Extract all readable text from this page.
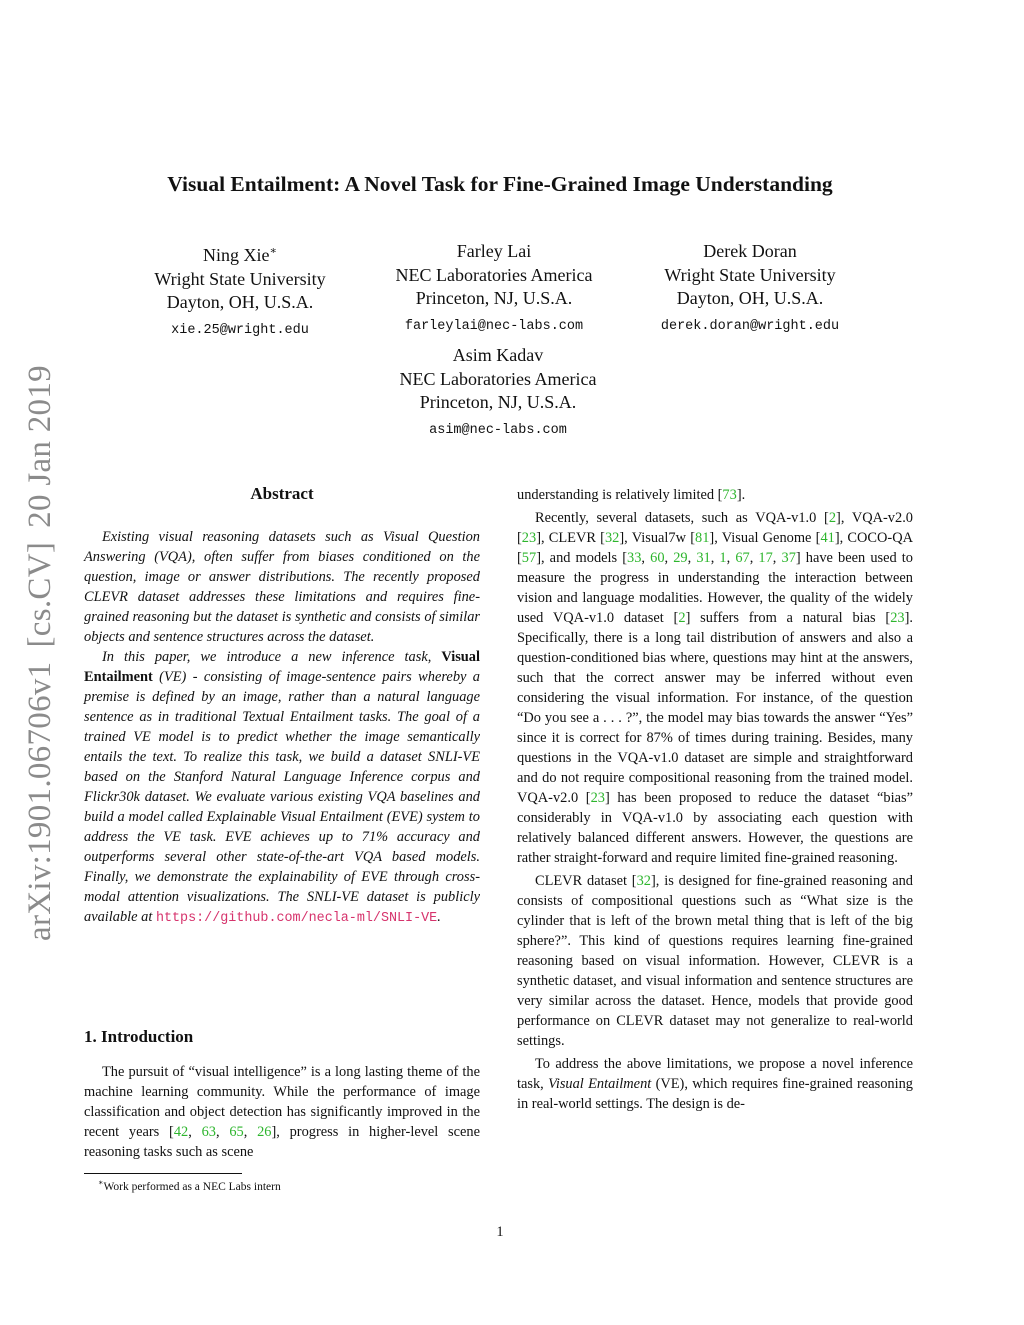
arXiv:1901.06706v1[cs.CV]20 Jan 2019
Visual Entailment: A Novel Task for Fine-Grained Image Understanding
Ning Xie∗
Wright State University
Dayton, OH, U.S.A.
xie.25@wright.edu
Farley Lai
NEC Laboratories America
Princeton, NJ, U.S.A.
farleylai@nec-labs.com
Derek Doran
Wright State University
Dayton, OH, U.S.A.
derek.doran@wright.edu
Asim Kadav
NEC Laboratories America
Princeton, NJ, U.S.A.
asim@nec-labs.com
Abstract

Existing visual reasoning datasets such as Visual Question Answering (VQA), often suffer from biases conditioned on the question, image or answer distributions. The recently proposed CLEVR dataset addresses these limitations and requires fine-grained reasoning but the dataset is synthetic and consists of similar objects and sentence structures across the dataset.

In this paper, we introduce a new inference task, Visual Entailment (VE) - consisting of image-sentence pairs whereby a premise is defined by an image, rather than a natural language sentence as in traditional Textual Entailment tasks. The goal of a trained VE model is to predict whether the image semantically entails the text. To realize this task, we build a dataset SNLI-VE based on the Stanford Natural Language Inference corpus and Flickr30k dataset. We evaluate various existing VQA baselines and build a model called Explainable Visual Entailment (EVE) system to address the VE task. EVE achieves up to 71% accuracy and outperforms several other state-of-the-art VQA based models. Finally, we demonstrate the explainability of EVE through cross-modal attention visualizations. The SNLI-VE dataset is publicly available at https://github.com/necla-ml/SNLI-VE.

1. Introduction

The pursuit of “visual intelligence” is a long lasting theme of the machine learning community. While the performance of image classification and object detection has significantly improved in the recent years [42, 63, 65, 26], progress in higher-level scene reasoning tasks such as scene

understanding is relatively limited [73].

Recently, several datasets, such as VQA-v1.0 [2], VQA-v2.0 [23], CLEVR [32], Visual7w [81], Visual Genome [41], COCO-QA [57], and models [33, 60, 29, 31, 1, 67, 17, 37] have been used to measure the progress in understanding the interaction between vision and language modalities. However, the quality of the widely used VQA-v1.0 dataset [2] suffers from a natural bias [23]. Specifically, there is a long tail distribution of answers and also a question-conditioned bias where, questions may hint at the answers, such that the correct answer may be inferred without even considering the visual information. For instance, of the question “Do you see a . . . ?”, the model may bias towards the answer “Yes” since it is correct for 87% of times during training. Besides, many questions in the VQA-v1.0 dataset are simple and straightforward and do not require compositional reasoning from the trained model. VQA-v2.0 [23] has been proposed to reduce the dataset “bias” considerably in VQA-v1.0 by associating each question with relatively balanced different answers. However, the questions are rather straight-forward and require limited fine-grained reasoning.

CLEVR dataset [32], is designed for fine-grained reasoning and consists of compositional questions such as “What size is the cylinder that is left of the brown metal thing that is left of the big sphere?”. This kind of questions requires learning fine-grained reasoning based on visual information. However, CLEVR is a synthetic dataset, and visual information and sentence structures are very similar across the dataset. Hence, models that provide good performance on CLEVR dataset may not generalize to real-world settings.

To address the above limitations, we propose a novel inference task, Visual Entailment (VE), which requires fine-grained reasoning in real-world settings. The design is de-

∗Work performed as a NEC Labs intern
1
